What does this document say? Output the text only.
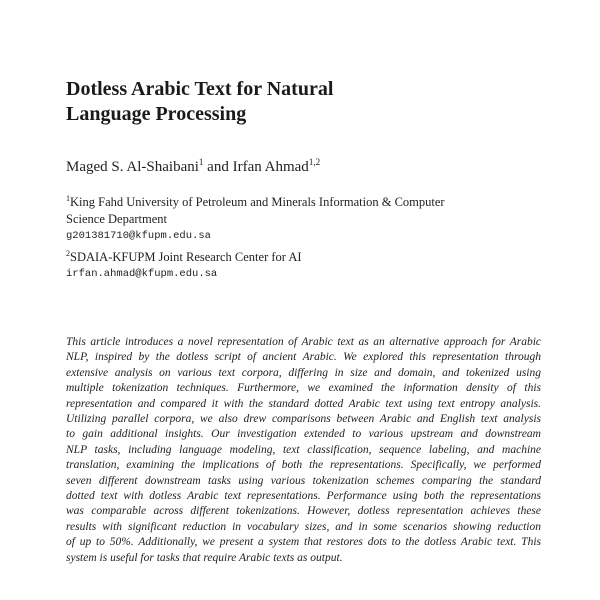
Dotless Arabic Text for Natural
Language Processing
Maged S. Al-Shaibani$^1$ and Irfan Ahmad$^{1,2}$
$^1$King Fahd University of Petroleum and Minerals Information & Computer
Science Department
g201381710@kfupm.edu.sa
$^2$SDAIA-KFUPM Joint Research Center for AI
irfan.ahmad@kfupm.edu.sa
This article introduces a novel representation of Arabic text as an alternative approach for Arabic
NLP, inspired by the dotless script of ancient Arabic. We explored this representation through
extensive analysis on various text corpora, differing in size and domain, and tokenized using
multiple tokenization techniques. Furthermore, we examined the information density of this
representation and compared it with the standard dotted Arabic text using text entropy analysis.
Utilizing parallel corpora, we also drew comparisons between Arabic and English text analysis
to gain additional insights. Our investigation extended to various upstream and downstream
NLP tasks, including language modeling, text classification, sequence labeling, and machine
translation, examining the implications of both the representations. Specifically, we performed
seven different downstream tasks using various tokenization schemes comparing the standard
dotted text with dotless Arabic text representations. Performance using both the representations
was comparable across different tokenizations. However, dotless representation achieves these
results with significant reduction in vocabulary sizes, and in some scenarios showing reduction
of up to 50%. Additionally, we present a system that restores dots to the dotless Arabic text. This
system is useful for tasks that require Arabic texts as output.
